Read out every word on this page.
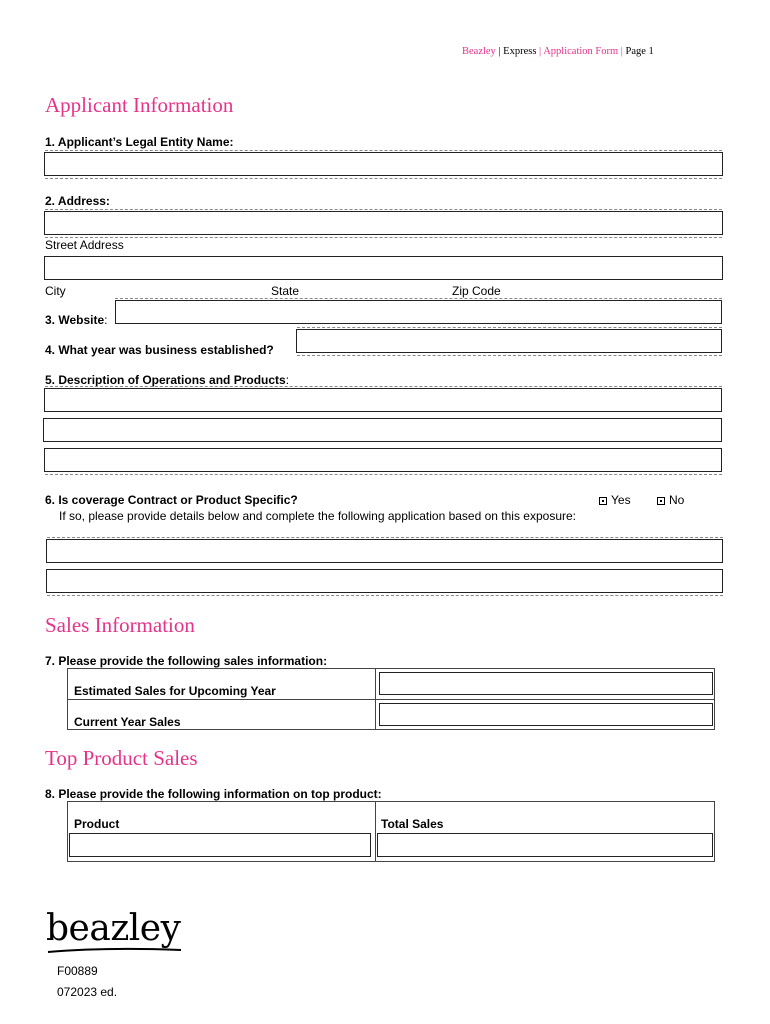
Beazley | Express | Application Form | Page 1
Applicant Information
1. Applicant’s Legal Entity Name:
2. Address:
Street Address
City	State	Zip Code
3. Website:
4. What year was business established?
5. Description of Operations and Products:
6. Is coverage Contract or Product Specific?	Yes	No
If so, please provide details below and complete the following application based on this exposure:
Sales Information
7. Please provide the following sales information:
Estimated Sales for Upcoming Year
Current Year Sales
Top Product Sales
8. Please provide the following information on top product:
Product	Total Sales
beazley
F00889
072023 ed.
